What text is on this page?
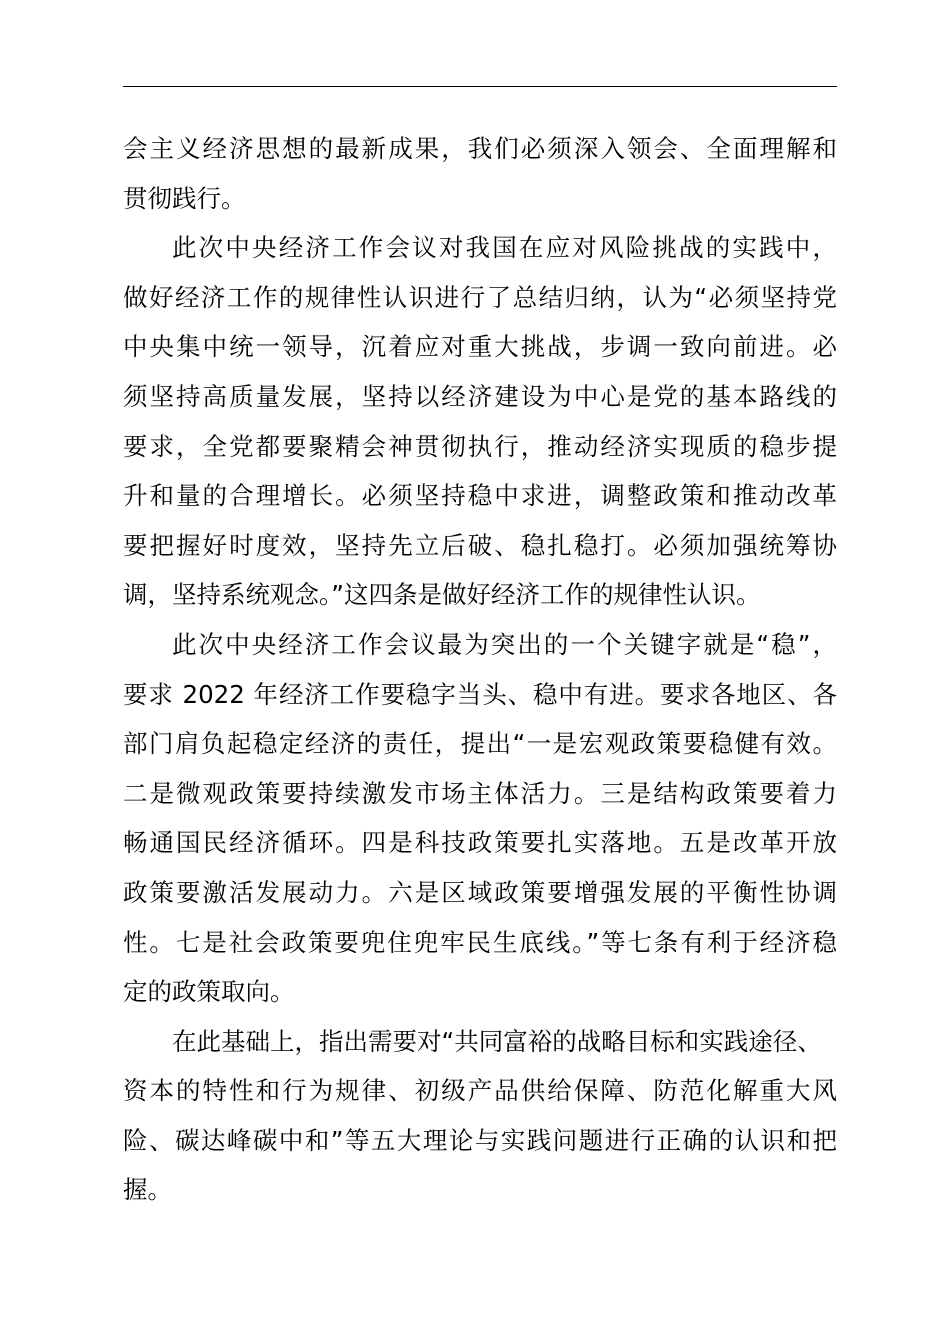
会主义经济思想的最新成果，我们必须深入领会、全面理解和
贯彻践行。
此次中央经济工作会议对我国在应对风险挑战的实践中，
做好经济工作的规律性认识进行了总结归纳，认为“必须坚持党
中央集中统一领导，沉着应对重大挑战，步调一致向前进。必
须坚持高质量发展，坚持以经济建设为中心是党的基本路线的
要求，全党都要聚精会神贯彻执行，推动经济实现质的稳步提
升和量的合理增长。必须坚持稳中求进，调整政策和推动改革
要把握好时度效，坚持先立后破、稳扎稳打。必须加强统筹协
调，坚持系统观念。”这四条是做好经济工作的规律性认识。
此次中央经济工作会议最为突出的一个关键字就是“稳”，
要求 2022 年经济工作要稳字当头、稳中有进。要求各地区、各
部门肩负起稳定经济的责任，提出“一是宏观政策要稳健有效。
二是微观政策要持续激发市场主体活力。三是结构政策要着力
畅通国民经济循环。四是科技政策要扎实落地。五是改革开放
政策要激活发展动力。六是区域政策要增强发展的平衡性协调
性。七是社会政策要兜住兜牢民生底线。”等七条有利于经济稳
定的政策取向。
在此基础上，指出需要对“共同富裕的战略目标和实践途径、
资本的特性和行为规律、初级产品供给保障、防范化解重大风
险、碳达峰碳中和”等五大理论与实践问题进行正确的认识和把
握。
